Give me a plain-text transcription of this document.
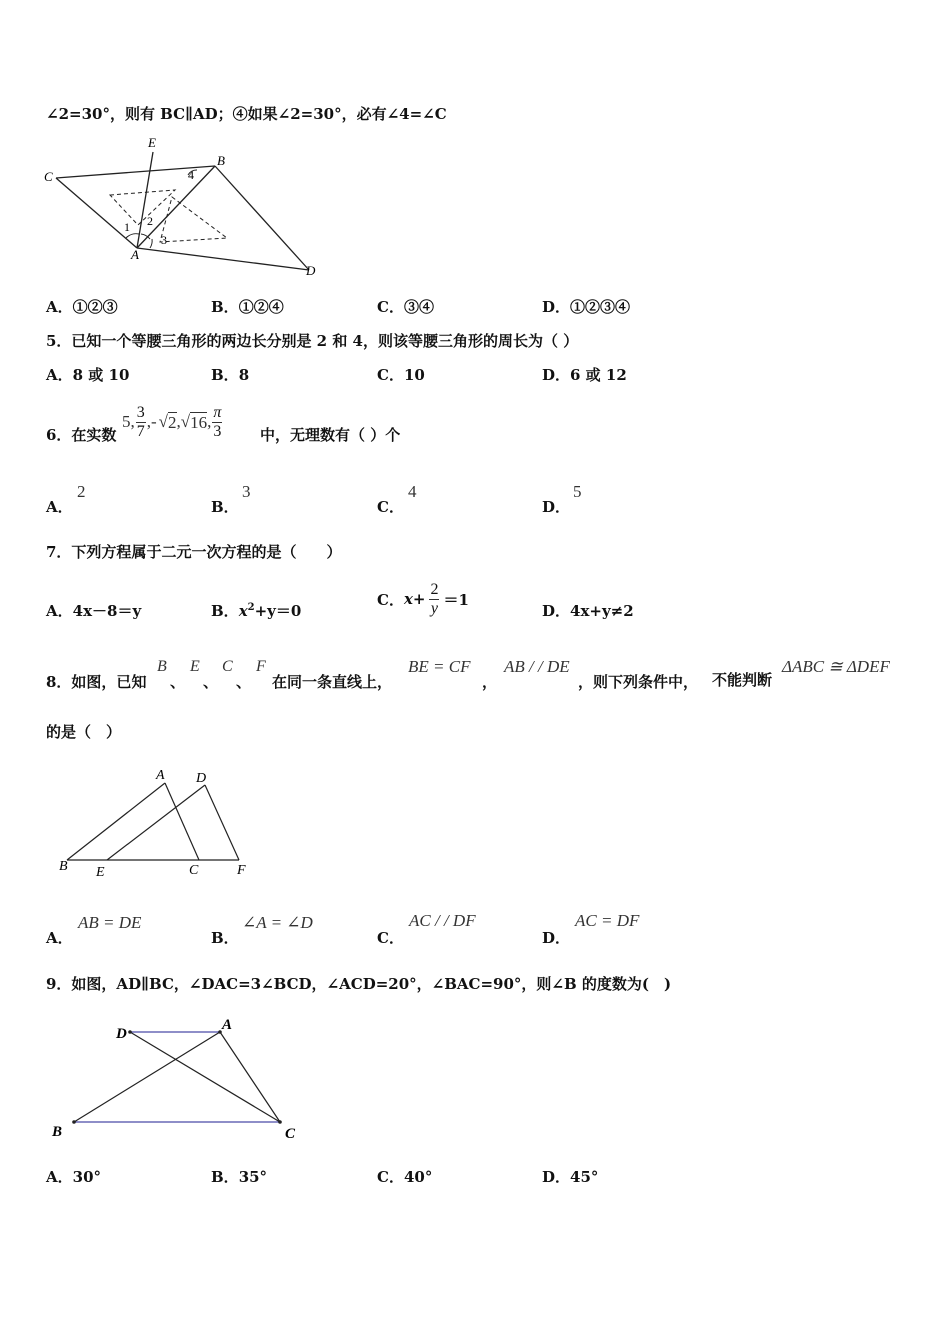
∠2=30°，则有 BC∥AD；④如果∠2=30°，必有∠4=∠C
E
B
C
A
D
1 2
3
4
A．①②③	B．①②④	C．③④	D．①②③④
5．已知一个等腰三角形的两边长分别是 2 和 4，则该等腰三角形的周长为（ ）
A．8 或 10	B．8	C．10	D．6 或 12
6．在实数
5, $\frac{3}{7}$ ,- √ 2 , √ 16 , $\frac{\pi}{3}$	中，无理数有（ ）个
A．
2
B．
3
C．
4
D．
5
7．下列方程属于二元一次方程的是（　　）
A．4x－8＝y	B．$x^2+y=0$
C． $x+ \frac{2}{y} =1$
D．4x+y≠2
8．如图，已知
B
、
E
、
C
、
F
在同一条直线上，
BE = CF
，
AB / / DE
，则下列条件中， 不能判断
ΔABC ≅ ΔDEF
的是（　）
A D
B E	C	F
A．
AB = DE
B．
∠A = ∠D
C．
AC / / DF
D．
AC = DF
9．如图，AD∥BC，∠DAC=3∠BCD，∠ACD=20°，∠BAC=90°，则∠B 的度数为(　)
D
A
B	C
A．30°	B．35°	C．40°	D．45°
